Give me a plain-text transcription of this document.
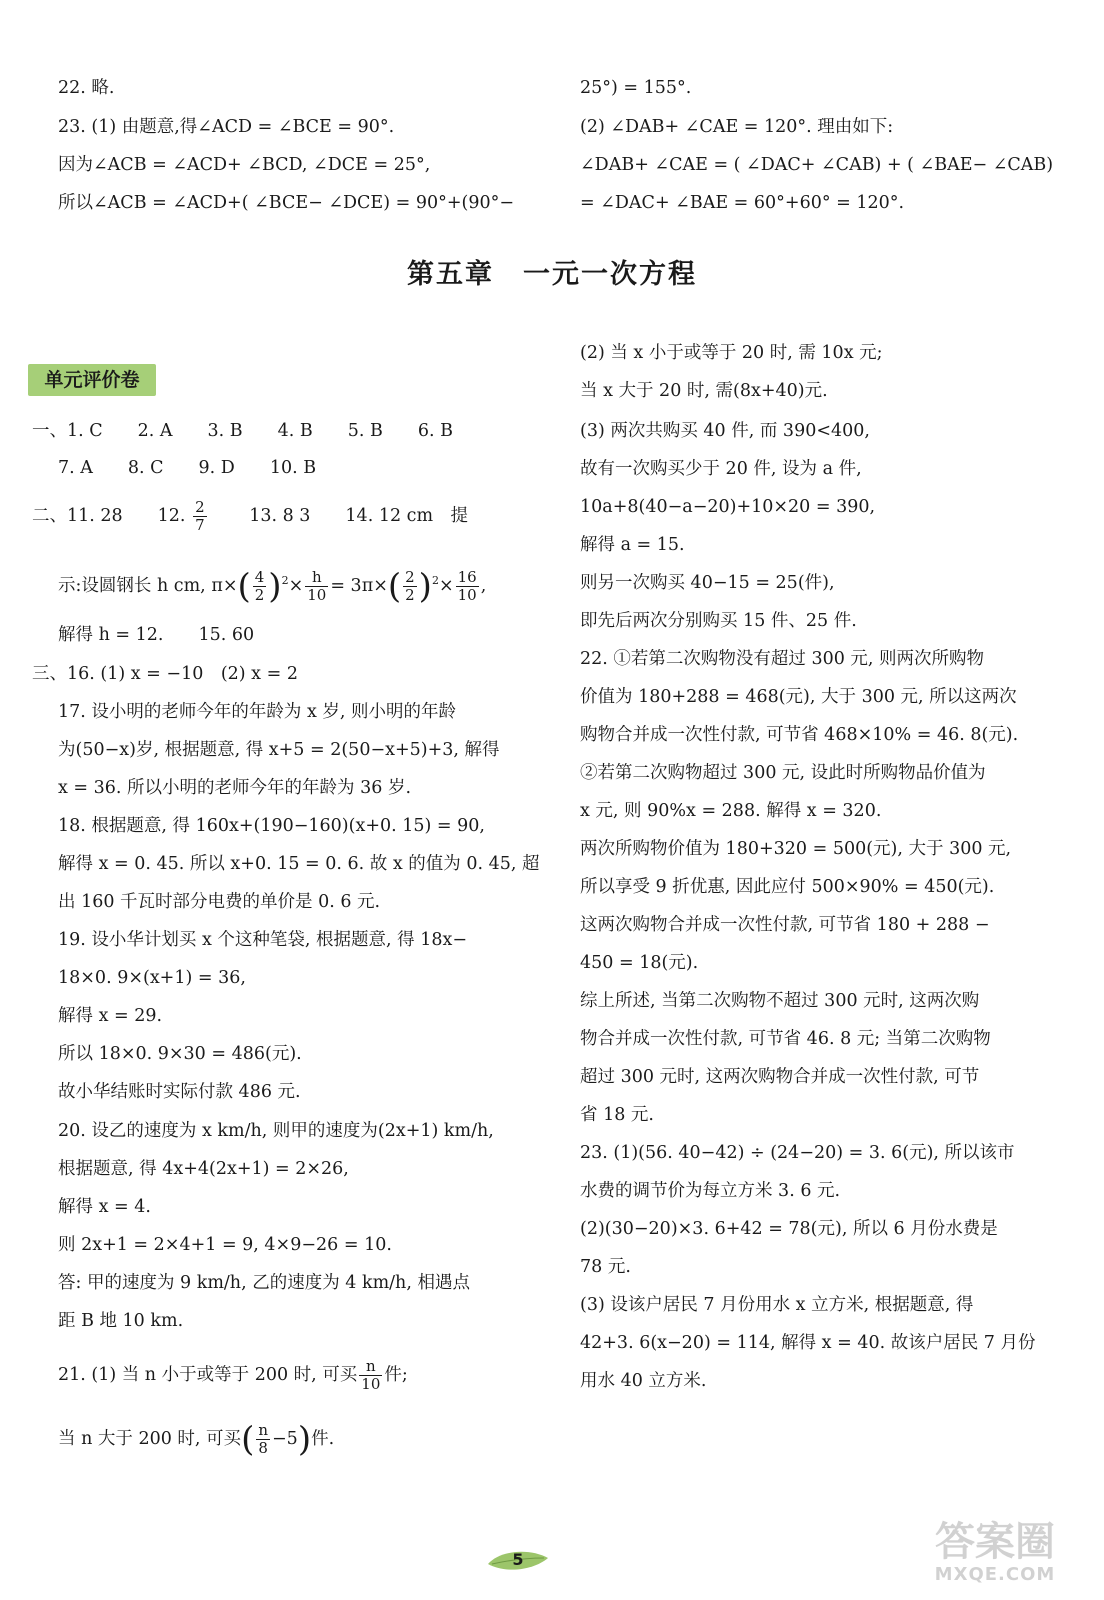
22. 略.
23. (1) 由题意,得∠ACD = ∠BCE = 90°.
因为∠ACB = ∠ACD+ ∠BCD, ∠DCE = 25°,
所以∠ACB = ∠ACD+( ∠BCE− ∠DCE) = 90°+(90°−
25°) = 155°.
(2) ∠DAB+ ∠CAE = 120°. 理由如下:
∠DAB+ ∠CAE = ( ∠DAC+ ∠CAB) + ( ∠BAE− ∠CAB)
= ∠DAC+ ∠BAE = 60°+60° = 120°.
第五章　一元一次方程
单元评价卷
一、1. C　　2. A　　3. B　　4. B　　5. B　　6. B
7. A　　8. C　　9. D　　10. B
二、11. 28　　12. $\frac{2}{7}$ 　　13. 8 3　　14. 12 cm　提
示:设圆钢长 h cm, $\pi\times( \frac{4}{2} )^2\times \frac{h}{10} = 3\pi\times( \frac{2}{2} )^2\times \frac{16}{10}$ ,
解得 h = 12.　　15. 60
三、16. (1) x = −10　(2) x = 2
17. 设小明的老师今年的年龄为 x 岁, 则小明的年龄
为(50−x)岁, 根据题意, 得 x+5 = 2(50−x+5)+3, 解得
x = 36. 所以小明的老师今年的年龄为 36 岁.
18. 根据题意, 得 160x+(190−160)(x+0. 15) = 90,
解得 x = 0. 45. 所以 x+0. 15 = 0. 6. 故 x 的值为 0. 45, 超
出 160 千瓦时部分电费的单价是 0. 6 元.
19. 设小华计划买 x 个这种笔袋, 根据题意, 得 18x−
18×0. 9×(x+1) = 36,
解得 x = 29.
所以 18×0. 9×30 = 486(元).
故小华结账时实际付款 486 元.
20. 设乙的速度为 x km/h, 则甲的速度为(2x+1) km/h,
根据题意, 得 4x+4(2x+1) = 2×26,
解得 x = 4.
则 2x+1 = 2×4+1 = 9, 4×9−26 = 10.
答: 甲的速度为 9 km/h, 乙的速度为 4 km/h, 相遇点
距 B 地 10 km.
21. (1) 当 n 小于或等于 200 时, 可买 $\frac{n}{10}$ 件;
当 n 大于 200 时, 可买( $\frac{n}{8} -5$)件.
(2) 当 x 小于或等于 20 时, 需 10x 元;
当 x 大于 20 时, 需(8x+40)元.
(3) 两次共购买 40 件, 而 390<400,
故有一次购买少于 20 件, 设为 a 件,
10a+8(40−a−20)+10×20 = 390,
解得 a = 15.
则另一次购买 40−15 = 25(件),
即先后两次分别购买 15 件、25 件.
22. ①若第二次购物没有超过 300 元, 则两次所购物
价值为 180+288 = 468(元), 大于 300 元, 所以这两次
购物合并成一次性付款, 可节省 468×10% = 46. 8(元).
②若第二次购物超过 300 元, 设此时所购物品价值为
x 元, 则 90%x = 288. 解得 x = 320.
两次所购物价值为 180+320 = 500(元), 大于 300 元,
所以享受 9 折优惠, 因此应付 500×90% = 450(元).
这两次购物合并成一次性付款, 可节省 180 + 288 −
450 = 18(元).
综上所述, 当第二次购物不超过 300 元时, 这两次购
物合并成一次性付款, 可节省 46. 8 元; 当第二次购物
超过 300 元时, 这两次购物合并成一次性付款, 可节
省 18 元.
23. (1)(56. 40−42) ÷ (24−20) = 3. 6(元), 所以该市
水费的调节价为每立方米 3. 6 元.
(2)(30−20)×3. 6+42 = 78(元), 所以 6 月份水费是
78 元.
(3) 设该户居民 7 月份用水 x 立方米, 根据题意, 得
42+3. 6(x−20) = 114, 解得 x = 40. 故该户居民 7 月份
用水 40 立方米.
5	答案圈
MXQE.COM
